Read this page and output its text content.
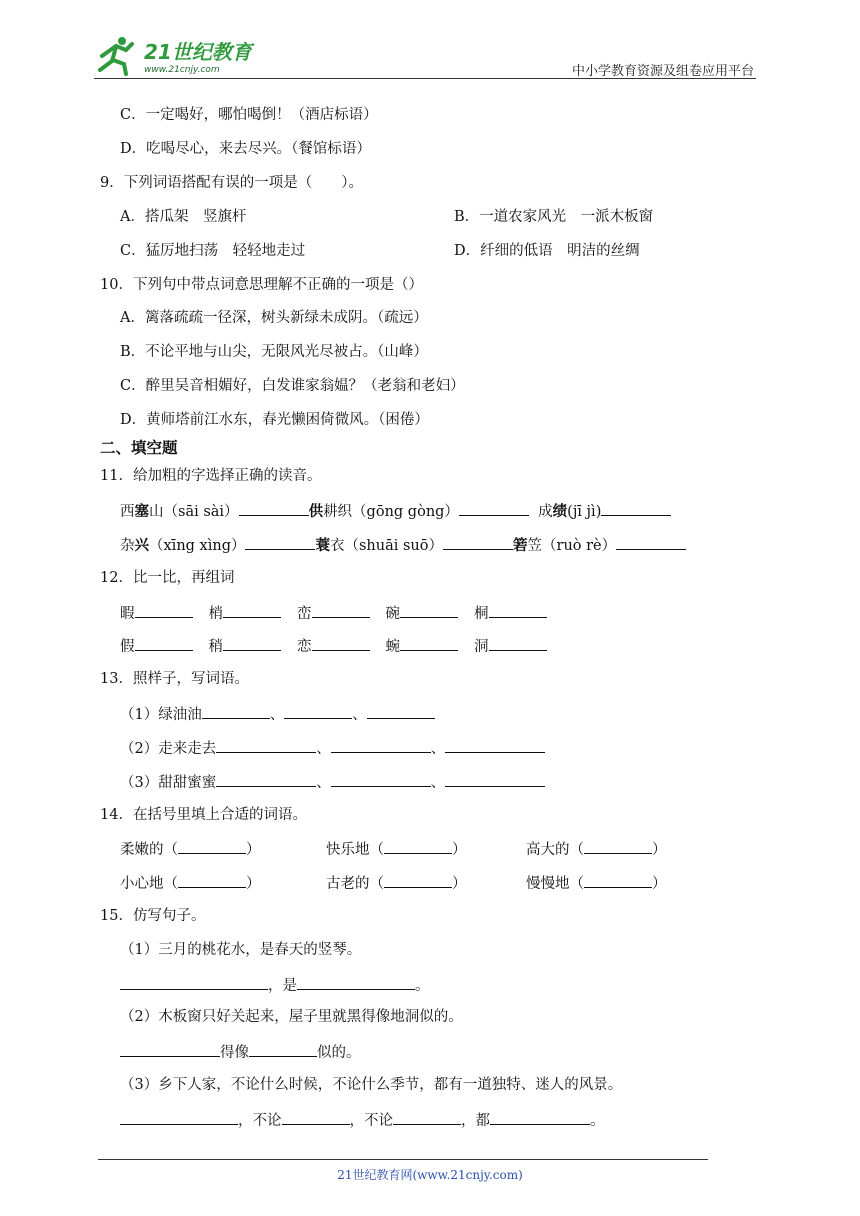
21世纪教育
www.21cnjy.com	中小学教育资源及组卷应用平台
C．一定喝好，哪怕喝倒！（酒店标语）
D．吃喝尽心，来去尽兴。（餐馆标语）
9．下列词语搭配有误的一项是（　　）。
A．搭瓜架　竖旗杆	B．一道农家风光　一派木板窗
C．猛厉地扫荡　轻轻地走过	D．纤细的低语　明洁的丝绸
10．下列句中带点词意思理解不正确的一项是（）
A．篱落疏疏一径深，树头新绿未成阴。（疏远）
B．不论平地与山尖，无限风光尽被占。（山峰）
C．醉里吴音相媚好，白发谁家翁媪？（老翁和老妇）
D．黄师塔前江水东，春光懒困倚微风。（困倦）
二、填空题
11．给加粗的字选择正确的读音。
西塞山（sāi sài）	供耕织（gōng gòng）	成绩(jī jì)
杂兴（xīng xìng）	蓑衣（shuāi suō）	箬笠（ruò rè）
12．比一比，再组词
暇	梢	峦	碗	桐
假	稍	恋	蜿	洞
13．照样子，写词语。
（1）绿油油	、	、
（2）走来走去	、	、
（3）甜甜蜜蜜	、	、
14．在括号里填上合适的词语。
柔嫩的（	）	快乐地（	）	高大的（	）
小心地（	）	古老的（	）	慢慢地（	）
15．仿写句子。
（1）三月的桃花水，是春天的竖琴。
，是	。
（2）木板窗只好关起来，屋子里就黑得像地洞似的。
得像	似的。
（3）乡下人家，不论什么时候，不论什么季节，都有一道独特、迷人的风景。
，不论	，不论	，都	。
21世纪教育网(www.21cnjy.com)
